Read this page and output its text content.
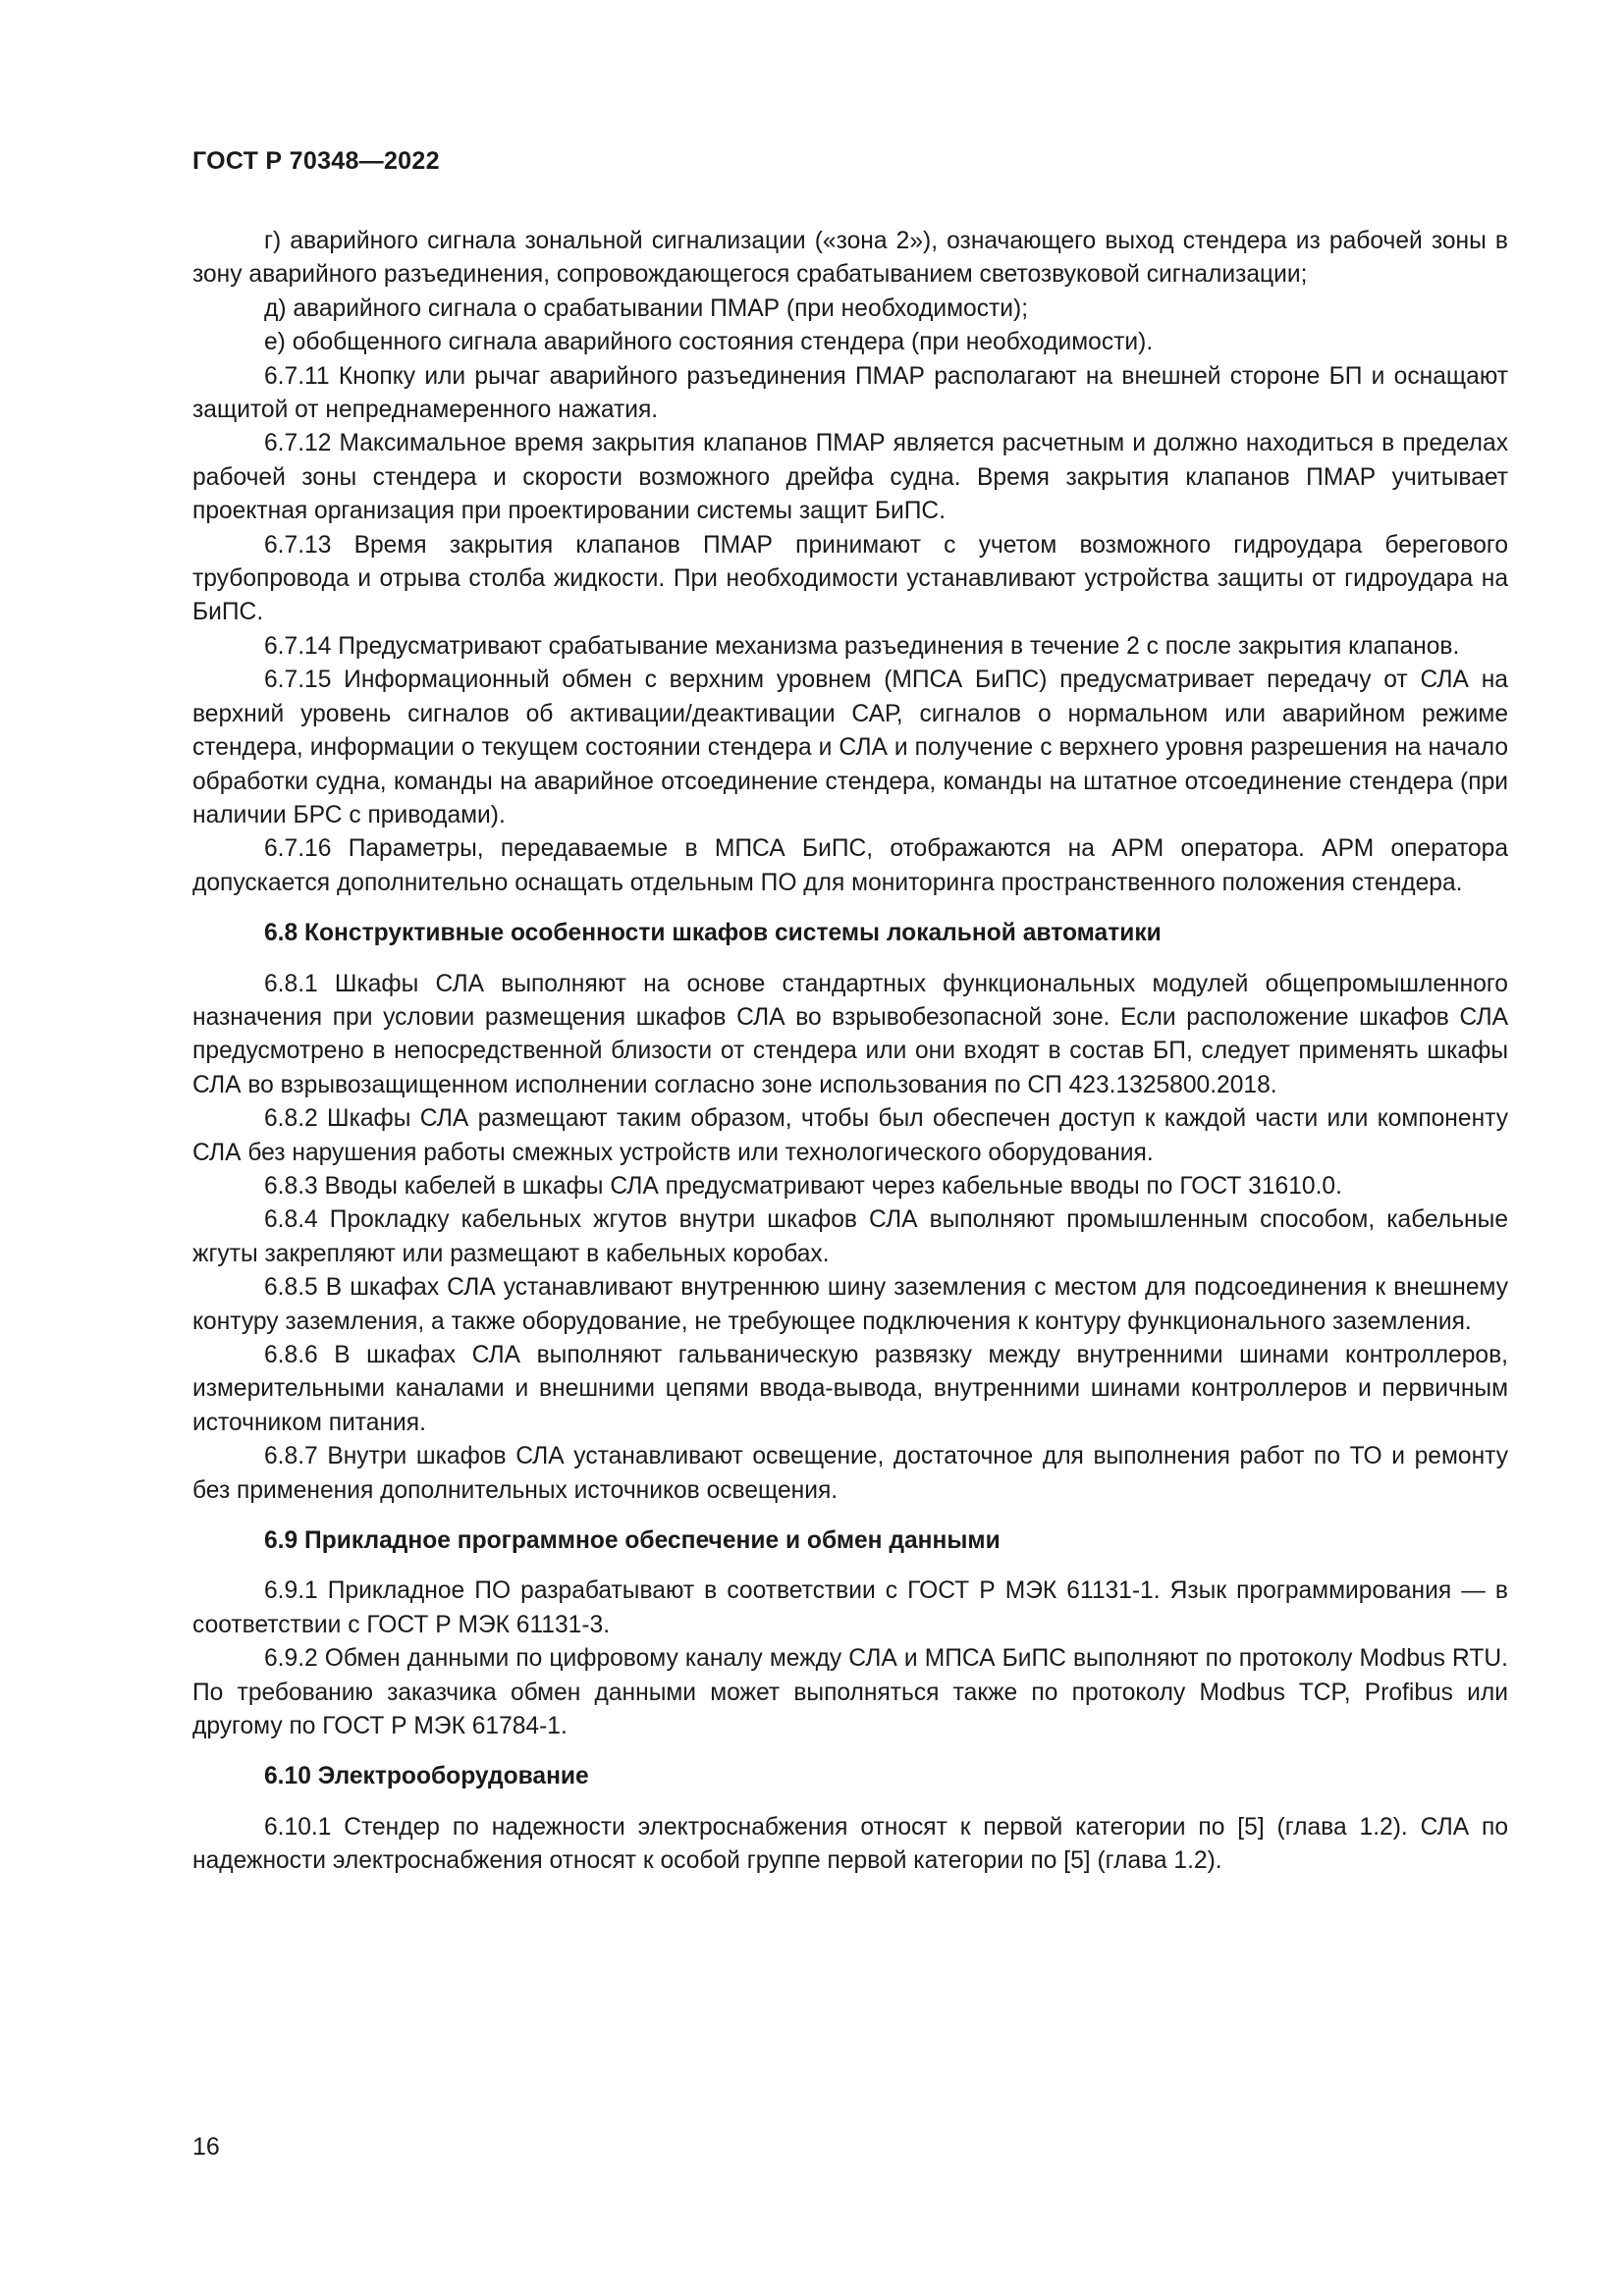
ГОСТ Р 70348—2022

г) аварийного сигнала зональной сигнализации («зона 2»), означающего выход стендера из рабочей зоны в зону аварийного разъединения, сопровождающегося срабатыванием светозвуковой сигнализации;

д) аварийного сигнала о срабатывании ПМАР (при необходимости);

е) обобщенного сигнала аварийного состояния стендера (при необходимости).

6.7.11 Кнопку или рычаг аварийного разъединения ПМАР располагают на внешней стороне БП и оснащают защитой от непреднамеренного нажатия.

6.7.12 Максимальное время закрытия клапанов ПМАР является расчетным и должно находиться в пределах рабочей зоны стендера и скорости возможного дрейфа судна. Время закрытия клапанов ПМАР учитывает проектная организация при проектировании системы защит БиПС.

6.7.13 Время закрытия клапанов ПМАР принимают с учетом возможного гидроудара берегового трубопровода и отрыва столба жидкости. При необходимости устанавливают устройства защиты от гидроудара на БиПС.

6.7.14 Предусматривают срабатывание механизма разъединения в течение 2 с после закрытия клапанов.

6.7.15 Информационный обмен с верхним уровнем (МПСА БиПС) предусматривает передачу от СЛА на верхний уровень сигналов об активации/деактивации САР, сигналов о нормальном или аварийном режиме стендера, информации о текущем состоянии стендера и СЛА и получение с верхнего уровня разрешения на начало обработки судна, команды на аварийное отсоединение стендера, команды на штатное отсоединение стендера (при наличии БРС с приводами).

6.7.16 Параметры, передаваемые в МПСА БиПС, отображаются на АРМ оператора. АРМ оператора допускается дополнительно оснащать отдельным ПО для мониторинга пространственного положения стендера.

6.8 Конструктивные особенности шкафов системы локальной автоматики

6.8.1 Шкафы СЛА выполняют на основе стандартных функциональных модулей общепромышленного назначения при условии размещения шкафов СЛА во взрывобезопасной зоне. Если расположение шкафов СЛА предусмотрено в непосредственной близости от стендера или они входят в состав БП, следует применять шкафы СЛА во взрывозащищенном исполнении согласно зоне использования по СП 423.1325800.2018.

6.8.2 Шкафы СЛА размещают таким образом, чтобы был обеспечен доступ к каждой части или компоненту СЛА без нарушения работы смежных устройств или технологического оборудования.

6.8.3 Вводы кабелей в шкафы СЛА предусматривают через кабельные вводы по ГОСТ 31610.0.

6.8.4 Прокладку кабельных жгутов внутри шкафов СЛА выполняют промышленным способом, кабельные жгуты закрепляют или размещают в кабельных коробах.

6.8.5 В шкафах СЛА устанавливают внутреннюю шину заземления с местом для подсоединения к внешнему контуру заземления, а также оборудование, не требующее подключения к контуру функционального заземления.

6.8.6 В шкафах СЛА выполняют гальваническую развязку между внутренними шинами контроллеров, измерительными каналами и внешними цепями ввода-вывода, внутренними шинами контроллеров и первичным источником питания.

6.8.7 Внутри шкафов СЛА устанавливают освещение, достаточное для выполнения работ по ТО и ремонту без применения дополнительных источников освещения.

6.9 Прикладное программное обеспечение и обмен данными

6.9.1 Прикладное ПО разрабатывают в соответствии с ГОСТ Р МЭК 61131-1. Язык программирования — в соответствии с ГОСТ Р МЭК 61131-3.

6.9.2 Обмен данными по цифровому каналу между СЛА и МПСА БиПС выполняют по протоколу Modbus RTU. По требованию заказчика обмен данными может выполняться также по протоколу Modbus TCP, Profibus или другому по ГОСТ Р МЭК 61784-1.

6.10 Электрооборудование

6.10.1 Стендер по надежности электроснабжения относят к первой категории по [5] (глава 1.2). СЛА по надежности электроснабжения относят к особой группе первой категории по [5] (глава 1.2).

16
